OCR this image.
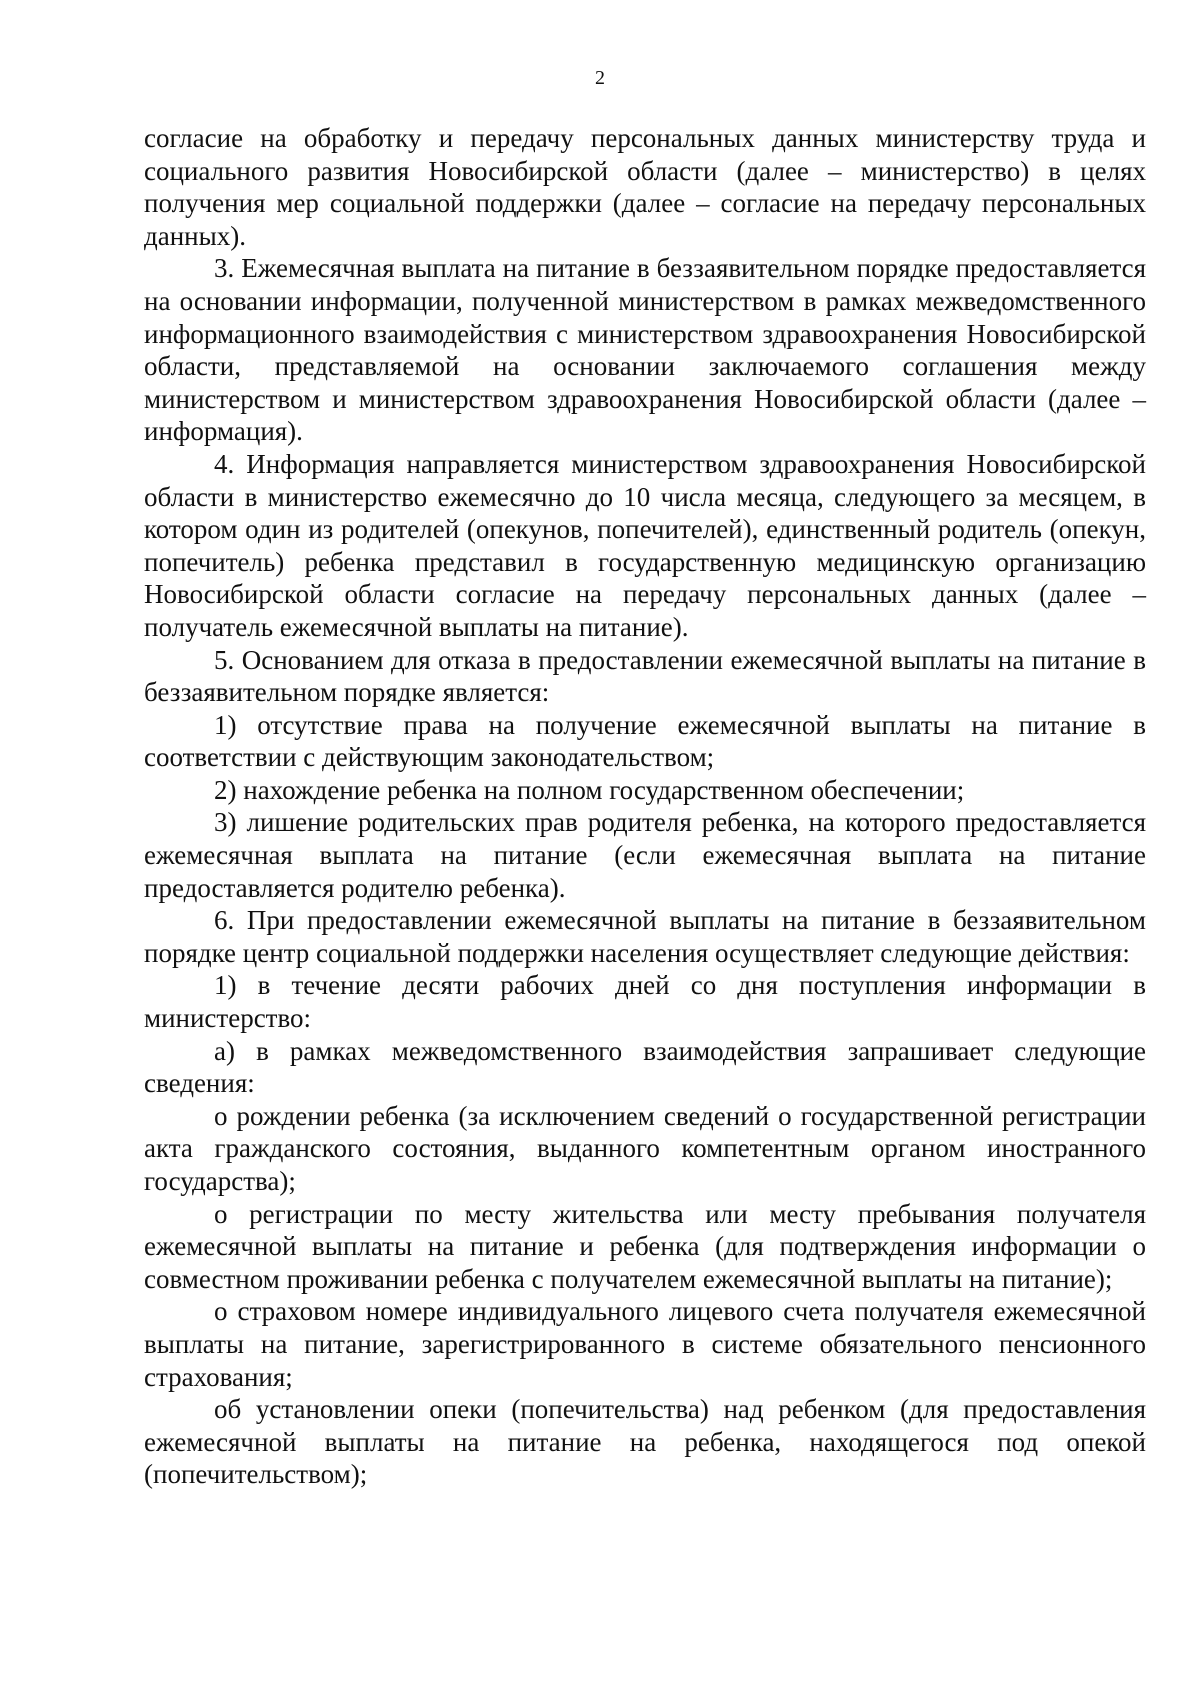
2

согласие на обработку и передачу персональных данных министерству труда и социального развития Новосибирской области (далее – министерство) в целях получения мер социальной поддержки (далее – согласие на передачу персональных данных).

3. Ежемесячная выплата на питание в беззаявительном порядке предоставляется на основании информации, полученной министерством в рамках межведомственного информационного взаимодействия с министерством здравоохранения Новосибирской области, представляемой на основании заключаемого соглашения между министерством и министерством здравоохранения Новосибирской области (далее – информация).

4. Информация направляется министерством здравоохранения Новосибирской области в министерство ежемесячно до 10 числа месяца, следующего за месяцем, в котором один из родителей (опекунов, попечителей), единственный родитель (опекун, попечитель) ребенка представил в государственную медицинскую организацию Новосибирской области согласие на передачу персональных данных (далее – получатель ежемесячной выплаты на питание).

5. Основанием для отказа в предоставлении ежемесячной выплаты на питание в беззаявительном порядке является:

1) отсутствие права на получение ежемесячной выплаты на питание в соответствии с действующим законодательством;

2) нахождение ребенка на полном государственном обеспечении;

3) лишение родительских прав родителя ребенка, на которого предоставляется ежемесячная выплата на питание (если ежемесячная выплата на питание предоставляется родителю ребенка).

6. При предоставлении ежемесячной выплаты на питание в беззаявительном порядке центр социальной поддержки населения осуществляет следующие действия:

1) в течение десяти рабочих дней со дня поступления информации в министерство:

а) в рамках межведомственного взаимодействия запрашивает следующие сведения:

о рождении ребенка (за исключением сведений о государственной регистрации акта гражданского состояния, выданного компетентным органом иностранного государства);

о регистрации по месту жительства или месту пребывания получателя ежемесячной выплаты на питание и ребенка (для подтверждения информации о совместном проживании ребенка с получателем ежемесячной выплаты на питание);

о страховом номере индивидуального лицевого счета получателя ежемесячной выплаты на питание, зарегистрированного в системе обязательного пенсионного страхования;

об установлении опеки (попечительства) над ребенком (для предоставления ежемесячной выплаты на питание на ребенка, находящегося под опекой (попечительством);
